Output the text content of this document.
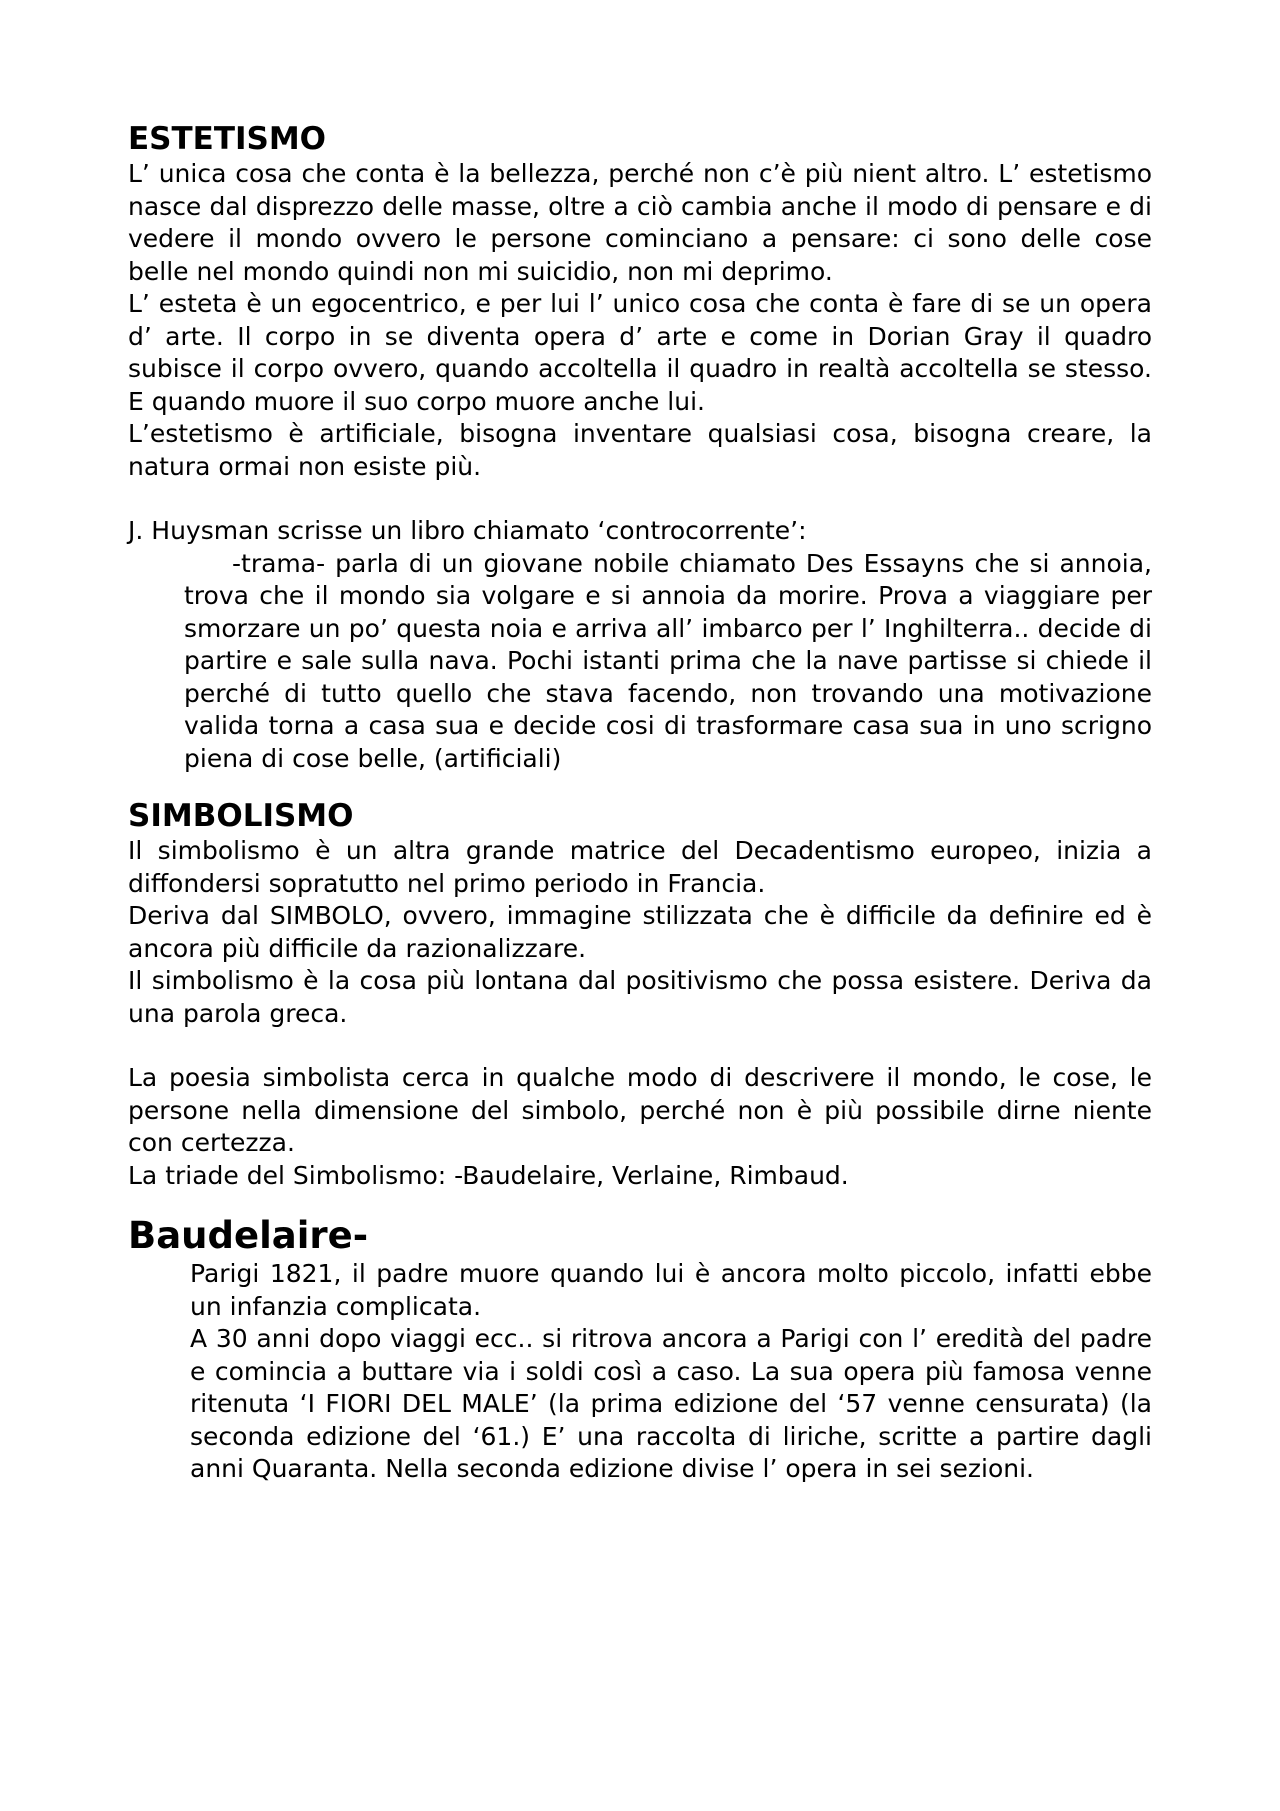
ESTETISMO

L’ unica cosa che conta è la bellezza, perché non c’è più nient altro. L’ estetismo nasce dal disprezzo delle masse, oltre a ciò cambia anche il modo di pensare e di vedere il mondo ovvero le persone cominciano a pensare: ci sono delle cose belle nel mondo quindi non mi suicidio, non mi deprimo.

L’ esteta è un egocentrico, e per lui l’ unico cosa che conta è fare di se un opera d’ arte. Il corpo in se diventa opera d’ arte e come in Dorian Gray il quadro subisce il corpo ovvero, quando accoltella il quadro in realtà accoltella se stesso. E quando muore il suo corpo muore anche lui.

L’estetismo è artificiale, bisogna inventare qualsiasi cosa, bisogna creare, la natura ormai non esiste più.

J. Huysman scrisse un libro chiamato ‘controcorrente’:

-trama- parla di un giovane nobile chiamato Des Essayns che si annoia, trova che il mondo sia volgare e si annoia da morire. Prova a viaggiare per smorzare un po’ questa noia e arriva all’ imbarco per l’ Inghilterra.. decide di partire e sale sulla nava. Pochi istanti prima che la nave partisse si chiede il perché di tutto quello che stava facendo, non trovando una motivazione valida torna a casa sua e decide cosi di trasformare casa sua in uno scrigno piena di cose belle, (artificiali)

SIMBOLISMO

Il simbolismo è un altra grande matrice del Decadentismo europeo, inizia a diffondersi sopratutto nel primo periodo in Francia.

Deriva dal SIMBOLO, ovvero, immagine stilizzata che è difficile da definire ed è ancora più difficile da razionalizzare.

Il simbolismo è la cosa più lontana dal positivismo che possa esistere. Deriva da una parola greca.

La poesia simbolista cerca in qualche modo di descrivere il mondo, le cose, le persone nella dimensione del simbolo, perché non è più possibile dirne niente con certezza.

La triade del Simbolismo: -Baudelaire, Verlaine, Rimbaud.

Baudelaire-

Parigi 1821, il padre muore quando lui è ancora molto piccolo, infatti ebbe un infanzia complicata.

A 30 anni dopo viaggi ecc.. si ritrova ancora a Parigi con l’ eredità del padre e comincia a buttare via i soldi così a caso. La sua opera più famosa venne ritenuta ‘I FIORI DEL MALE’ (la prima edizione del ‘57 venne censurata) (la seconda edizione del ‘61.) E’ una raccolta di liriche, scritte a partire dagli anni Quaranta. Nella seconda edizione divise l’ opera in sei sezioni.
